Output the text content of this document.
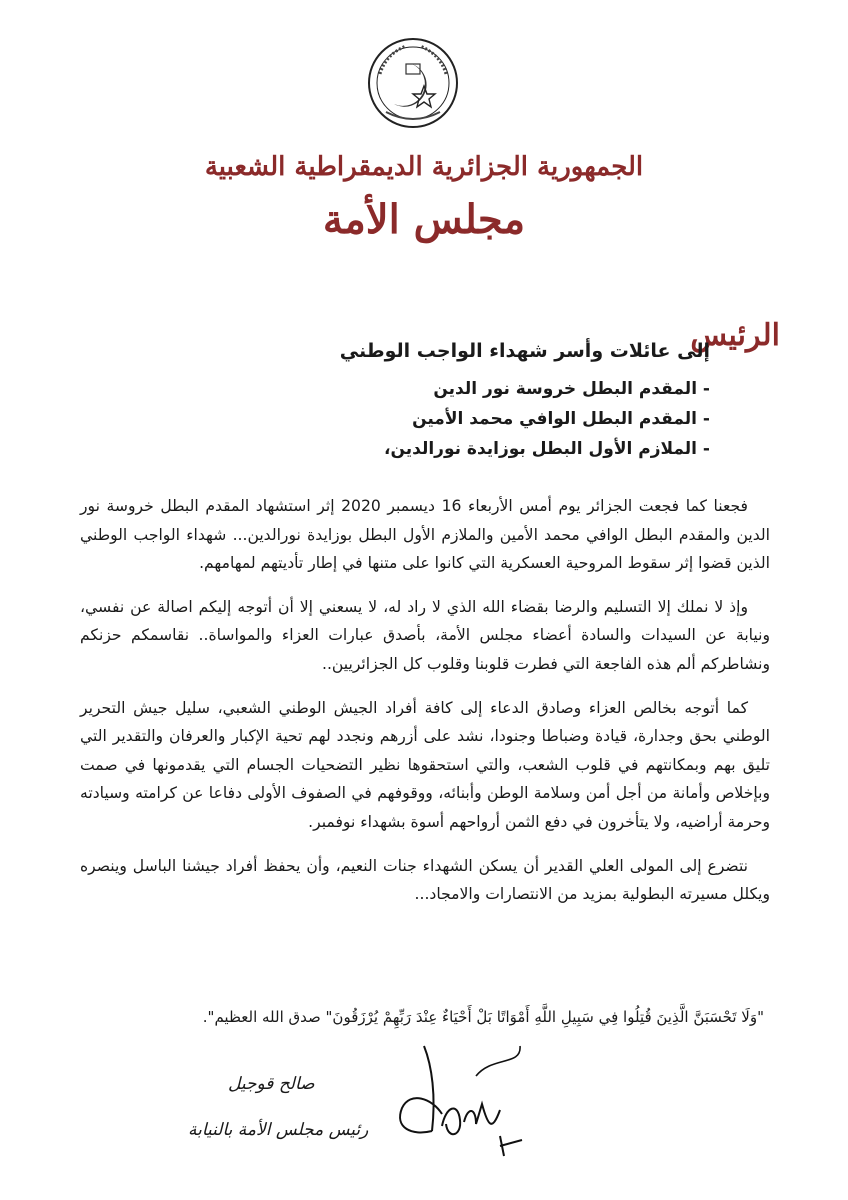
الجمهورية الجزائرية الديمقراطية الشعبية
مجلس الأمة
الرئيس
إلى عائلات وأسر شهداء الواجب الوطني
- المقدم البطل خروسة نور الدين
- المقدم البطل الوافي محمد الأمين
- الملازم الأول البطل بوزايدة نورالدين،

فجعنا كما فجعت الجزائر يوم أمس الأربعاء 16 ديسمبر 2020 إثر استشهاد المقدم البطل خروسة نور الدين والمقدم البطل الوافي محمد الأمين والملازم الأول البطل بوزايدة نورالدين... شهداء الواجب الوطني الذين قضوا إثر سقوط المروحية العسكرية التي كانوا على متنها في إطار تأديتهم لمهامهم.

وإذ لا نملك إلا التسليم والرضا بقضاء الله الذي لا راد له، لا يسعني إلا أن أتوجه إليكم اصالة عن نفسي، ونيابة عن السيدات والسادة أعضاء مجلس الأمة، بأصدق عبارات العزاء والمواساة.. نقاسمكم حزنكم ونشاطركم ألم هذه الفاجعة التي فطرت قلوبنا وقلوب كل الجزائريين..

كما أتوجه بخالص العزاء وصادق الدعاء إلى كافة أفراد الجيش الوطني الشعبي، سليل جيش التحرير الوطني بحق وجدارة، قيادة وضباطا وجنودا، نشد على أزرهم ونجدد لهم تحية الإكبار والعرفان والتقدير التي تليق بهم وبمكانتهم في قلوب الشعب، والتي استحقوها نظير التضحيات الجسام التي يقدمونها في صمت وبإخلاص وأمانة من أجل أمن وسلامة الوطن وأبنائه، ووقوفهم في الصفوف الأولى دفاعا عن كرامته وسيادته وحرمة أراضيه، ولا يتأخرون في دفع الثمن أرواحهم أسوة بشهداء نوفمبر.

نتضرع إلى المولى العلي القدير أن يسكن الشهداء جنات النعيم، وأن يحفظ أفراد جيشنا الباسل وينصره ويكلل مسيرته البطولية بمزيد من الانتصارات والامجاد...

"وَلَا تَحْسَبَنَّ الَّذِينَ قُتِلُوا فِي سَبِيلِ اللَّهِ أَمْوَاتًا بَلْ أَحْيَاءٌ عِنْدَ رَبِّهِمْ يُرْزَقُونَ" صدق الله العظيم".
صالح قوجيل
رئيس مجلس الأمة بالنيابة
